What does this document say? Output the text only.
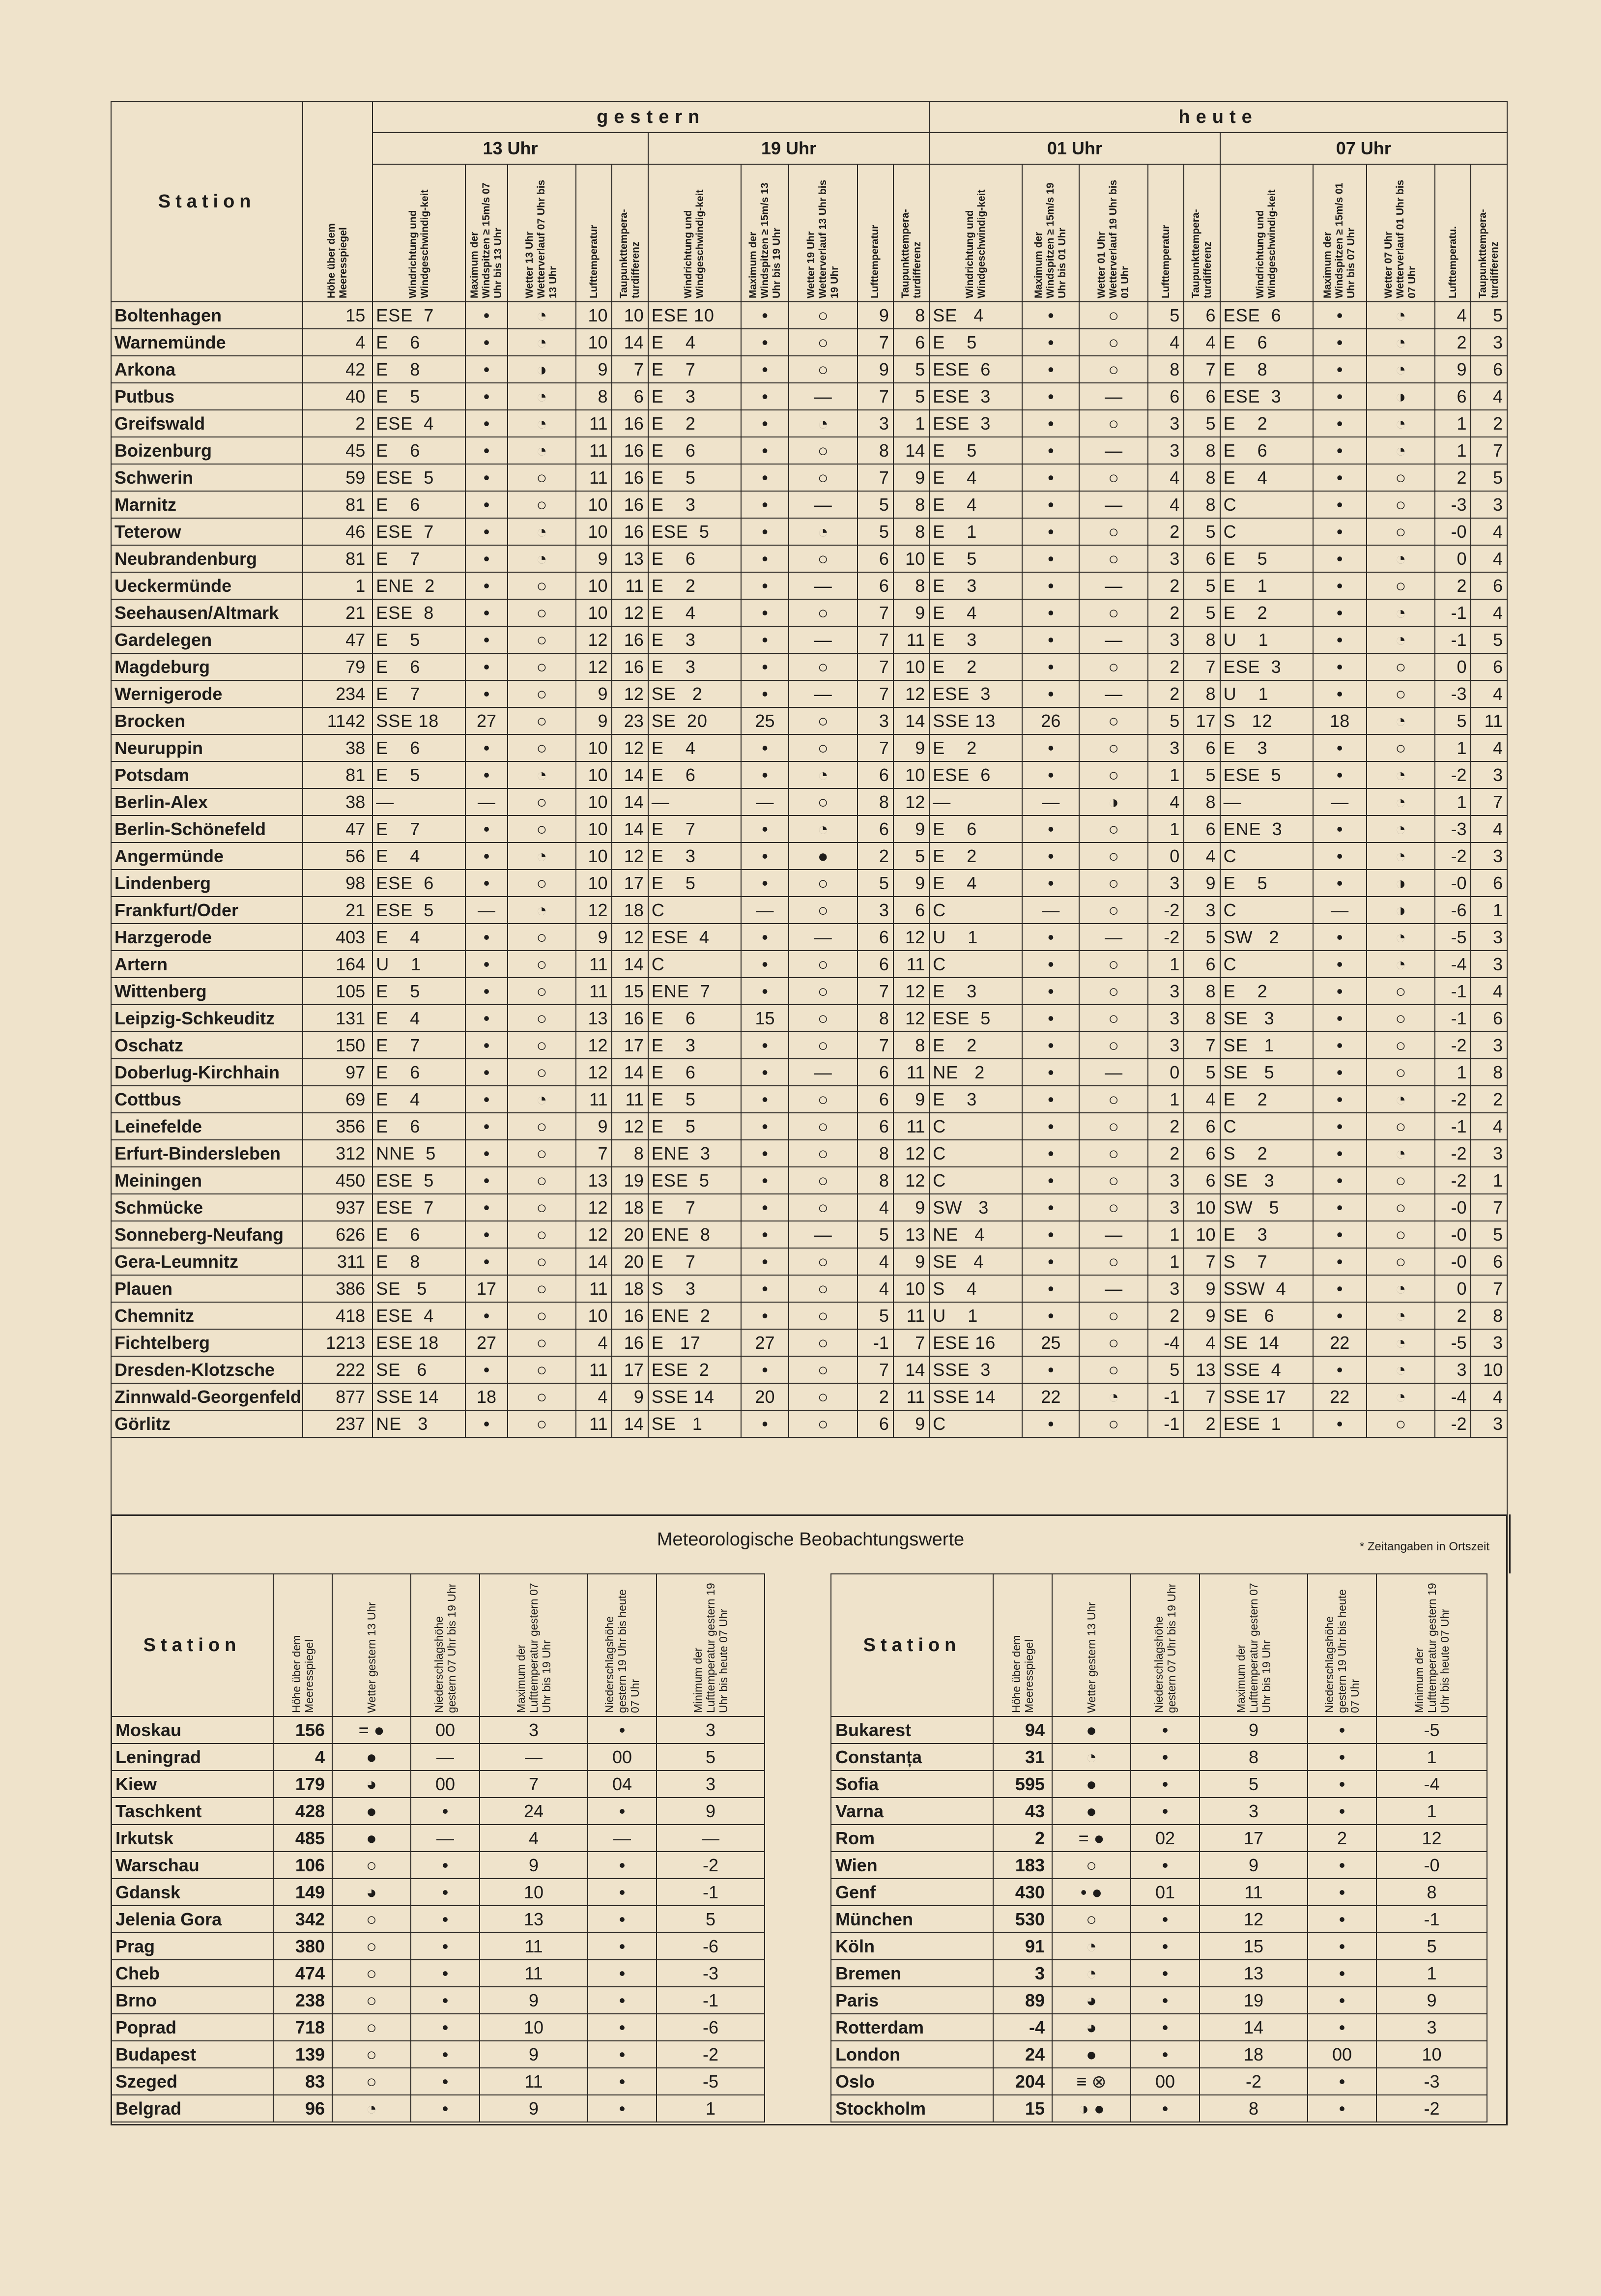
Station	Höhe über dem Meeresspiegel	gestern										heute									
		13 Uhr					19 Uhr					01 Uhr					07 Uhr				

		Windrichtung und Windgeschwindig-keit	Maximum der Windspitzen ≥ 15m/s 07 Uhr bis 13 Uhr	Wetter 13 Uhr Wetterverlauf 07 Uhr bis 13 Uhr	Lufttemperatur	Taupunkttempera-turdifferenz	Windrichtung und Windgeschwindig-keit	Maximum der Windspitzen ≥ 15m/s 13 Uhr bis 19 Uhr	Wetter 19 Uhr Wetterverlauf 13 Uhr bis 19 Uhr	Lufttemperatur	Taupunkttempera-turdifferenz	Windrichtung und Windgeschwindig-keit	Maximum der Windspitzen ≥ 15m/s 19 Uhr bis 01 Uhr	Wetter 01 Uhr Wetterverlauf 19 Uhr bis 01 Uhr	Lufttemperatur	Taupunkttempera-turdifferenz	Windrichtung und Windgeschwindig-keit	Maximum der Windspitzen ≥ 15m/s 01 Uhr bis 07 Uhr	Wetter 07 Uhr Wetterverlauf 01 Uhr bis 07 Uhr	Lufttemperatu.	Taupunkttempera-turdifferenz

Boltenhagen	15	ESE  7	•	◔	10	10	ESE 10	•	○	9	8	SE   4	•	○	5	6	ESE  6	•	◔	4	5
Warnemünde	4	E    6	•	◔	10	14	E    4	•	○	7	6	E    5	•	○	4	4	E    6	•	◔	2	3
Arkona	42	E    8	•	◑	9	7	E    7	•	○	9	5	ESE  6	•	○	8	7	E    8	•	◔	9	6
Putbus	40	E    5	•	◔	8	6	E    3	•	—	7	5	ESE  3	•	—	6	6	ESE  3	•	◑	6	4
Greifswald	2	ESE  4	•	◔	11	16	E    2	•	◔	3	1	ESE  3	•	○	3	5	E    2	•	◔	1	2
Boizenburg	45	E    6	•	◔	11	16	E    6	•	○	8	14	E    5	•	—	3	8	E    6	•	◔	1	7
Schwerin	59	ESE  5	•	○	11	16	E    5	•	○	7	9	E    4	•	○	4	8	E    4	•	○	2	5
Marnitz	81	E    6	•	○	10	16	E    3	•	—	5	8	E    4	•	—	4	8	C	•	○	-3	3
Teterow	46	ESE  7	•	◔	10	16	ESE  5	•	◔	5	8	E    1	•	○	2	5	C	•	○	-0	4
Neubrandenburg	81	E    7	•	◔	9	13	E    6	•	○	6	10	E    5	•	○	3	6	E    5	•	◔	0	4
Ueckermünde	1	ENE  2	•	○	10	11	E    2	•	—	6	8	E    3	•	—	2	5	E    1	•	○	2	6
Seehausen/Altmark	21	ESE  8	•	○	10	12	E    4	•	○	7	9	E    4	•	○	2	5	E    2	•	◔	-1	4
Gardelegen	47	E    5	•	○	12	16	E    3	•	—	7	11	E    3	•	—	3	8	U    1	•	◔	-1	5
Magdeburg	79	E    6	•	○	12	16	E    3	•	○	7	10	E    2	•	○	2	7	ESE  3	•	○	0	6
Wernigerode	234	E    7	•	○	9	12	SE   2	•	—	7	12	ESE  3	•	—	2	8	U    1	•	○	-3	4
Brocken	1142	SSE 18	27	○	9	23	SE  20	25	○	3	14	SSE 13	26	○	5	17	S   12	18	◔	5	11
Neuruppin	38	E    6	•	○	10	12	E    4	•	○	7	9	E    2	•	○	3	6	E    3	•	○	1	4
Potsdam	81	E    5	•	◔	10	14	E    6	•	◔	6	10	ESE  6	•	○	1	5	ESE  5	•	◔	-2	3
Berlin-Alex	38	—	—	○	10	14	—	—	○	8	12	—	—	◑	4	8	—	—	◔	1	7
Berlin-Schönefeld	47	E    7	•	○	10	14	E    7	•	◔	6	9	E    6	•	○	1	6	ENE  3	•	◔	-3	4
Angermünde	56	E    4	•	◔	10	12	E    3	•	●	2	5	E    2	•	○	0	4	C	•	◔	-2	3
Lindenberg	98	ESE  6	•	○	10	17	E    5	•	○	5	9	E    4	•	○	3	9	E    5	•	◑	-0	6
Frankfurt/Oder	21	ESE  5	—	◔	12	18	C	—	○	3	6	C	—	○	-2	3	C	—	◑	-6	1
Harzgerode	403	E    4	•	○	9	12	ESE  4	•	—	6	12	U    1	•	—	-2	5	SW   2	•	◔	-5	3
Artern	164	U    1	•	○	11	14	C	•	○	6	11	C	•	○	1	6	C	•	◔	-4	3
Wittenberg	105	E    5	•	○	11	15	ENE  7	•	○	7	12	E    3	•	○	3	8	E    2	•	○	-1	4
Leipzig-Schkeuditz	131	E    4	•	○	13	16	E    6	15	○	8	12	ESE  5	•	○	3	8	SE   3	•	○	-1	6
Oschatz	150	E    7	•	○	12	17	E    3	•	○	7	8	E    2	•	○	3	7	SE   1	•	○	-2	3
Doberlug-Kirchhain	97	E    6	•	○	12	14	E    6	•	—	6	11	NE   2	•	—	0	5	SE   5	•	○	1	8
Cottbus	69	E    4	•	◔	11	11	E    5	•	○	6	9	E    3	•	○	1	4	E    2	•	◔	-2	2
Leinefelde	356	E    6	•	○	9	12	E    5	•	○	6	11	C	•	○	2	6	C	•	○	-1	4
Erfurt-Bindersleben	312	NNE  5	•	○	7	8	ENE  3	•	○	8	12	C	•	○	2	6	S    2	•	◔	-2	3
Meiningen	450	ESE  5	•	○	13	19	ESE  5	•	○	8	12	C	•	○	3	6	SE   3	•	○	-2	1
Schmücke	937	ESE  7	•	○	12	18	E    7	•	○	4	9	SW   3	•	○	3	10	SW   5	•	○	-0	7
Sonneberg-Neufang	626	E    6	•	○	12	20	ENE  8	•	—	5	13	NE   4	•	—	1	10	E    3	•	○	-0	5
Gera-Leumnitz	311	E    8	•	○	14	20	E    7	•	○	4	9	SE   4	•	○	1	7	S    7	•	○	-0	6
Plauen	386	SE   5	17	○	11	18	S    3	•	○	4	10	S    4	•	—	3	9	SSW  4	•	◔	0	7
Chemnitz	418	ESE  4	•	○	10	16	ENE  2	•	○	5	11	U    1	•	○	2	9	SE   6	•	◔	2	8
Fichtelberg	1213	ESE 18	27	○	4	16	E   17	27	○	-1	7	ESE 16	25	○	-4	4	SE  14	22	◔	-5	3
Dresden-Klotzsche	222	SE   6	•	○	11	17	ESE  2	•	○	7	14	SSE  3	•	○	5	13	SSE  4	•	◔	3	10
Zinnwald-Georgenfeld	877	SSE 14	18	○	4	9	SSE 14	20	○	2	11	SSE 14	22	◔	-1	7	SSE 17	22	◔	-4	4
Görlitz	237	NE   3	•	○	11	14	SE   1	•	○	6	9	C	•	○	-1	2	ESE  1	•	○	-2	3

Meteorologische Beobachtungswerte	* Zeitangaben in Ortszeit
Station	Höhe über dem Meeresspiegel	Wetter gestern 13 Uhr	Niederschlagshöhe gestern 07 Uhr bis 19 Uhr	Maximum der Lufttemperatur gestern 07 Uhr bis 19 Uhr	Niederschlagshöhe gestern 19 Uhr bis heute 07 Uhr	Minimum der Lufttemperatur gestern 19 Uhr bis heute 07 Uhr

Moskau	156	= ●	00	3	•	3
Leningrad	4	●	—	—	00	5
Kiew	179	◕	00	7	04	3
Taschkent	428	●	•	24	•	9
Irkutsk	485	●	—	4	—	—
Warschau	106	○	•	9	•	-2
Gdansk	149	◕	•	10	•	-1
Jelenia Gora	342	○	•	13	•	5
Prag	380	○	•	11	•	-6
Cheb	474	○	•	11	•	-3
Brno	238	○	•	9	•	-1
Poprad	718	○	•	10	•	-6
Budapest	139	○	•	9	•	-2
Szeged	83	○	•	11	•	-5
Belgrad	96	◔	•	9	•	1
Station	Höhe über dem Meeresspiegel	Wetter gestern 13 Uhr	Niederschlagshöhe gestern 07 Uhr bis 19 Uhr	Maximum der Lufttemperatur gestern 07 Uhr bis 19 Uhr	Niederschlagshöhe gestern 19 Uhr bis heute 07 Uhr	Minimum der Lufttemperatur gestern 19 Uhr bis heute 07 Uhr

Bukarest	94	●	•	9	•	-5
Constanța	31	◔	•	8	•	1
Sofia	595	●	•	5	•	-4
Varna	43	●	•	3	•	1
Rom	2	= ●	02	17	2	12
Wien	183	○	•	9	•	-0
Genf	430	• ●	01	11	•	8
München	530	○	•	12	•	-1
Köln	91	◔	•	15	•	5
Bremen	3	◔	•	13	•	1
Paris	89	◕	•	19	•	9
Rotterdam	-4	◕	•	14	•	3
London	24	●	•	18	00	10
Oslo	204	≡ ⊗	00	-2	•	-3
Stockholm	15	◑ ●	•	8	•	-2
